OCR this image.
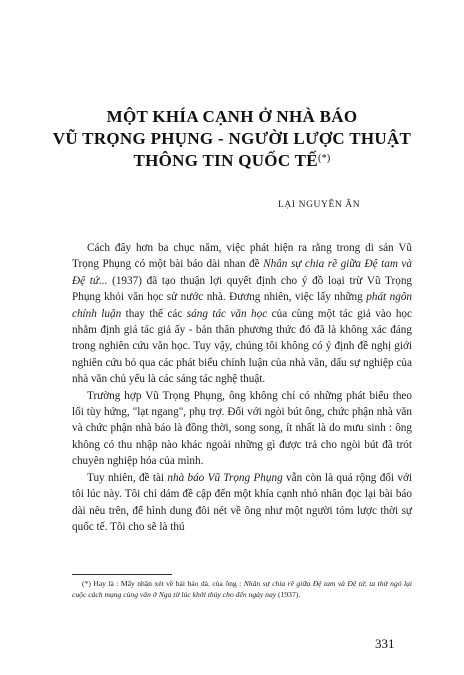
MỘT KHÍA CẠNH Ở NHÀ BÁO
VŨ TRỌNG PHỤNG - NGƯỜI LƯỢC THUẬT
THÔNG TIN QUỐC TẾ(*)
LẠI NGUYÊN ÂN

Cách đây hơn ba chục năm, việc phát hiện ra rằng trong di sản Vũ Trọng Phụng có một bài báo dài nhan đề Nhân sự chia rẽ giữa Đệ tam và Đệ tứ... (1937) đã tạo thuận lợi quyết định cho ý đồ loại trừ Vũ Trọng Phụng khỏi văn học sử nước nhà. Đương nhiên, việc lấy những phát ngôn chính luận thay thế các sáng tác văn học của cùng một tác giả vào học nhằm định giá tác giả ấy - bản thân phương thức đó đã là không xác đáng trong nghiên cứu văn học. Tuy vậy, chúng tôi không có ý định đề nghị giới nghiên cứu bỏ qua các phát biểu chính luận của nhà văn, dấu sự nghiệp của nhà văn chủ yếu là các sáng tác nghệ thuật.

Trường hợp Vũ Trọng Phụng, ông không chỉ có những phát biểu theo lối tùy hứng, "lạt ngang", phụ trợ. Đối với ngòi bút ông, chức phận nhà văn và chức phận nhà báo là đồng thời, song song, ít nhất là do mưu sinh : ông không có thu nhập nào khác ngoài những gì được trả cho ngòi bút đã trót chuyên nghiệp hóa của mình.

Tuy nhiên, đề tài nhà báo Vũ Trọng Phụng vẫn còn là quá rộng đối với tôi lúc này. Tôi chỉ dám đề cập đến một khía cạnh nhỏ nhân đọc lại bài báo dài nêu trên, để hình dung đôi nét về ông như một người tóm lược thời sự quốc tế. Tôi cho sẽ là thú

(*) Hay là : Mấy nhận xét về bài báo dà. của ông : Nhân sự chia rẽ giữa Đệ tam và Đệ tứ, ta thử ngó lại cuộc cách mạng cùng vân ở Nga từ lúc khởi thủy cho đến ngày nay (1937).

331
